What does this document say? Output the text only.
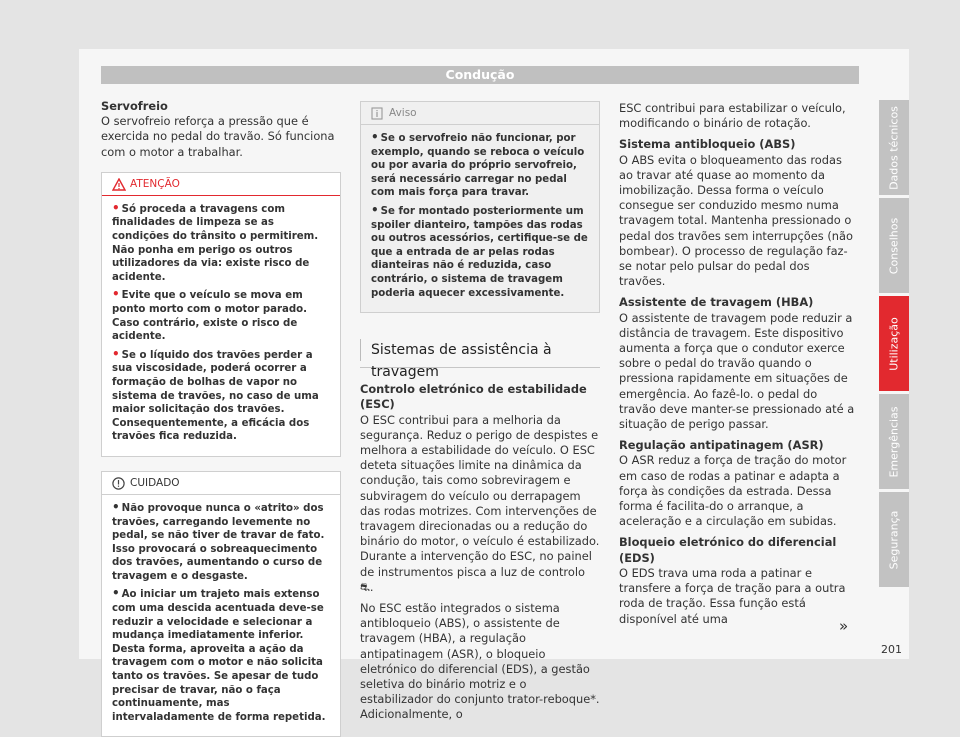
Condução
Servofreio

O servofreio reforça a pressão que é exercida no pedal do travão. Só funciona com o motor a trabalhar.

ATENÇÃO
• Só proceda a travagens com finalidades de limpeza se as condições do trânsito o permitirem. Não ponha em perigo os outros utilizadores da via: existe risco de acidente.
• Evite que o veículo se mova em ponto morto com o motor parado. Caso contrário, existe o risco de acidente.
• Se o líquido dos travões perder a sua viscosidade, poderá ocorrer a formação de bolhas de vapor no sistema de travões, no caso de uma maior solicitação dos travões. Consequentemente, a eficácia dos travões fica reduzida.
CUIDADO
• Não provoque nunca o «atrito» dos travões, carregando levemente no pedal, se não tiver de travar de fato. Isso provocará o sobreaquecimento dos travões, aumentando o curso de travagem e o desgaste.
• Ao iniciar um trajeto mais extenso com uma descida acentuada deve-se reduzir a velocidade e selecionar a mudança imediatamente inferior. Desta forma, aproveita a ação da travagem com o motor e não solicita tanto os travões. Se apesar de tudo precisar de travar, não o faça continuamente, mas intervaladamente de forma repetida.
Aviso
• Se o servofreio não funcionar, por exemplo, quando se reboca o veículo ou por avaria do próprio servofreio, será necessário carregar no pedal com mais força para travar.
• Se for montado posteriormente um spoiler dianteiro, tampões das rodas ou outros acessórios, certifique-se de que a entrada de ar pelas rodas dianteiras não é reduzida, caso contrário, o sistema de travagem poderia aquecer excessivamente.
Sistemas de assistência à travagem
Controlo eletrónico de estabilidade (ESC)

O ESC contribui para a melhoria da segurança. Reduz o perigo de despistes e melhora a estabilidade do veículo. O ESC deteta situações limite na dinâmica da condução, tais como sobreviragem e subviragem do veículo ou derrapagem das rodas motrizes. Com intervenções de travagem direcionadas ou a redução do binário do motor, o veículo é estabilizado. Durante a intervenção do ESC, no painel de instrumentos pisca a luz de controlo ⛐.

No ESC estão integrados o sistema antibloqueio (ABS), o assistente de travagem (HBA), a regulação antipatinagem (ASR), o bloqueio eletrónico do diferencial (EDS), a gestão seletiva do binário motriz e o estabilizador do conjunto trator-reboque*. Adicionalmente, o

ESC contribui para estabilizar o veículo, modificando o binário de rotação.

Sistema antibloqueio (ABS)

O ABS evita o bloqueamento das rodas ao travar até quase ao momento da imobilização. Dessa forma o veículo consegue ser conduzido mesmo numa travagem total. Mantenha pressionado o pedal dos travões sem interrupções (não bombear). O processo de regulação faz-se notar pelo pulsar do pedal dos travões.

Assistente de travagem (HBA)

O assistente de travagem pode reduzir a distância de travagem. Este dispositivo aumenta a força que o condutor exerce sobre o pedal do travão quando o pressiona rapidamente em situações de emergência. Ao fazê-lo. o pedal do travão deve manter-se pressionado até a situação de perigo passar.

Regulação antipatinagem (ASR)

O ASR reduz a força de tração do motor em caso de rodas a patinar e adapta a força às condições da estrada. Dessa forma é facilita-do o arranque, a aceleração e a circulação em subidas.

Bloqueio eletrónico do diferencial (EDS)

O EDS trava uma roda a patinar e transfere a força de tração para a outra roda de tração. Essa função está disponível até uma	»
Dados técnicos
Conselhos
Utilização
Emergências
Segurança
201
